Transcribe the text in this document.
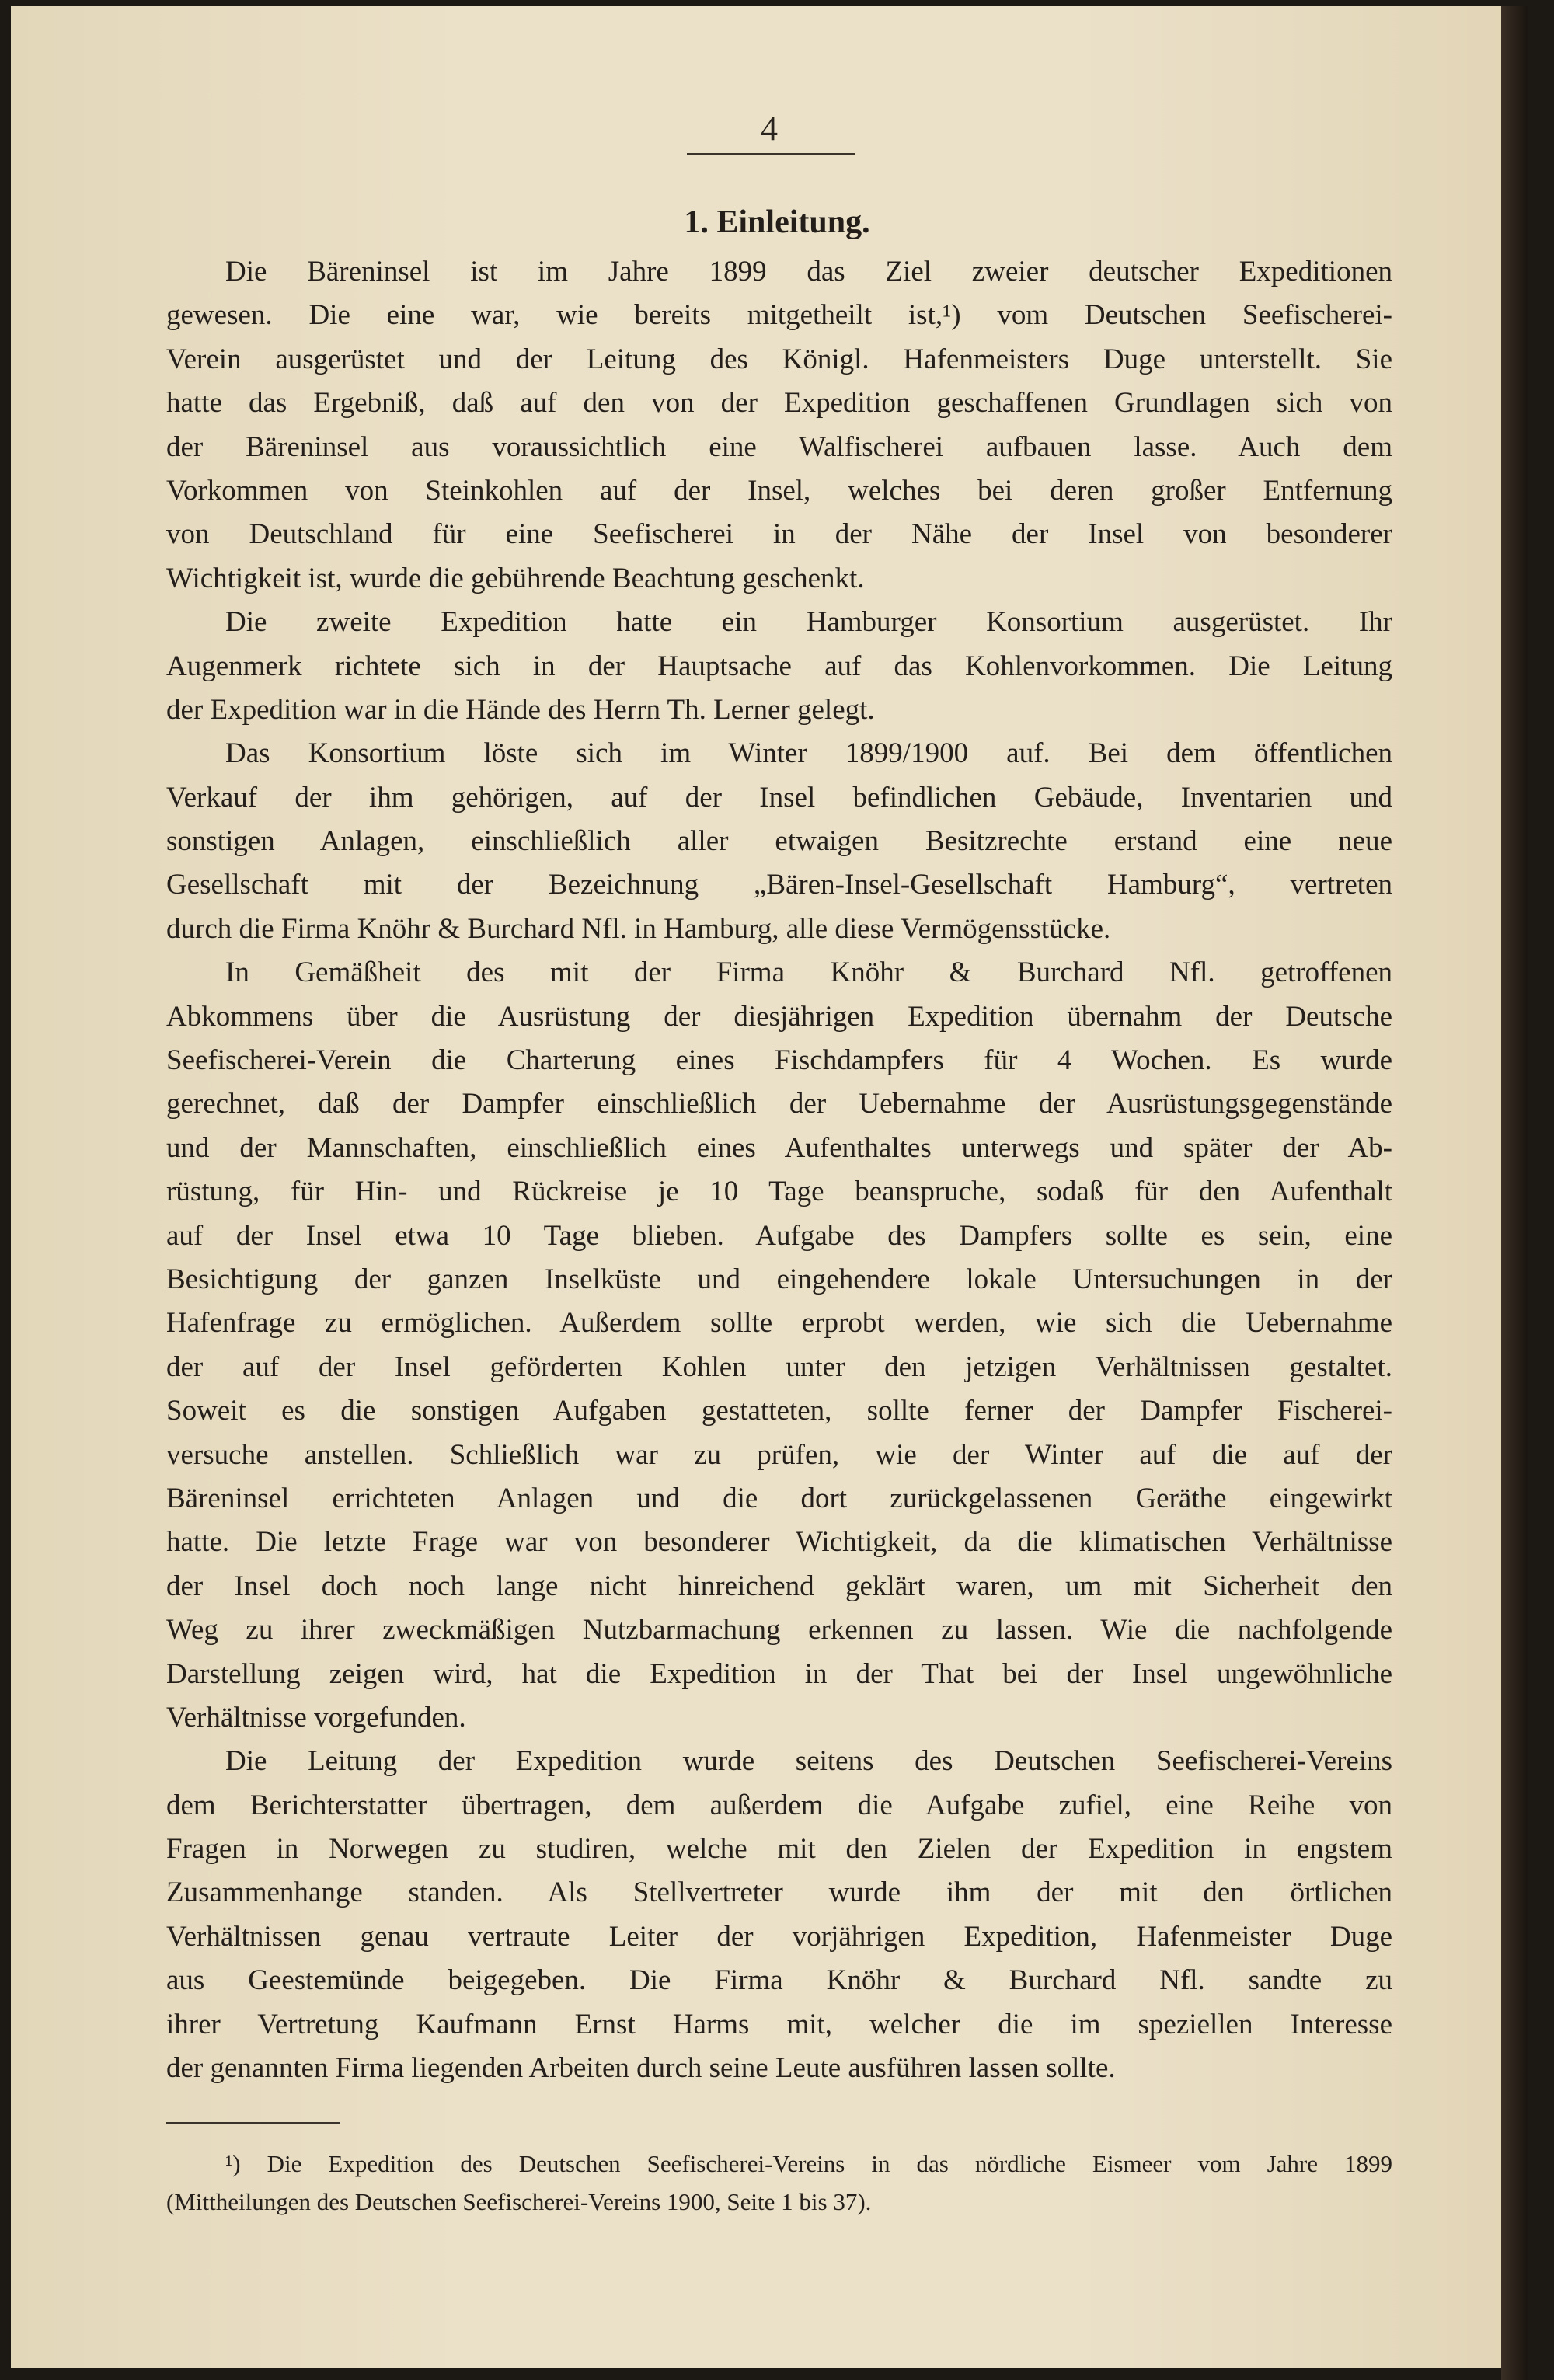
4
1. Einleitung.
Die Bäreninsel ist im Jahre 1899 das Ziel zweier deutscher Expeditionen
gewesen. Die eine war, wie bereits mitgetheilt ist,¹) vom Deutschen Seefischerei-
Verein ausgerüstet und der Leitung des Königl. Hafenmeisters Duge unterstellt. Sie
hatte das Ergebniß, daß auf den von der Expedition geschaffenen Grundlagen sich von
der Bäreninsel aus voraussichtlich eine Walfischerei aufbauen lasse. Auch dem
Vorkommen von Steinkohlen auf der Insel, welches bei deren großer Entfernung
von Deutschland für eine Seefischerei in der Nähe der Insel von besonderer
Wichtigkeit ist, wurde die gebührende Beachtung geschenkt.
Die zweite Expedition hatte ein Hamburger Konsortium ausgerüstet. Ihr
Augenmerk richtete sich in der Hauptsache auf das Kohlenvorkommen. Die Leitung
der Expedition war in die Hände des Herrn Th. Lerner gelegt.
Das Konsortium löste sich im Winter 1899/1900 auf. Bei dem öffentlichen
Verkauf der ihm gehörigen, auf der Insel befindlichen Gebäude, Inventarien und
sonstigen Anlagen, einschließlich aller etwaigen Besitzrechte erstand eine neue
Gesellschaft mit der Bezeichnung „Bären-Insel-Gesellschaft Hamburg“, vertreten
durch die Firma Knöhr & Burchard Nfl. in Hamburg, alle diese Vermögensstücke.
In Gemäßheit des mit der Firma Knöhr & Burchard Nfl. getroffenen
Abkommens über die Ausrüstung der diesjährigen Expedition übernahm der Deutsche
Seefischerei-Verein die Charterung eines Fischdampfers für 4 Wochen. Es wurde
gerechnet, daß der Dampfer einschließlich der Uebernahme der Ausrüstungsgegenstände
und der Mannschaften, einschließlich eines Aufenthaltes unterwegs und später der Ab-
rüstung, für Hin- und Rückreise je 10 Tage beanspruche, sodaß für den Aufenthalt
auf der Insel etwa 10 Tage blieben. Aufgabe des Dampfers sollte es sein, eine
Besichtigung der ganzen Inselküste und eingehendere lokale Untersuchungen in der
Hafenfrage zu ermöglichen. Außerdem sollte erprobt werden, wie sich die Uebernahme
der auf der Insel geförderten Kohlen unter den jetzigen Verhältnissen gestaltet.
Soweit es die sonstigen Aufgaben gestatteten, sollte ferner der Dampfer Fischerei-
versuche anstellen. Schließlich war zu prüfen, wie der Winter auf die auf der
Bäreninsel errichteten Anlagen und die dort zurückgelassenen Geräthe eingewirkt
hatte. Die letzte Frage war von besonderer Wichtigkeit, da die klimatischen Verhältnisse
der Insel doch noch lange nicht hinreichend geklärt waren, um mit Sicherheit den
Weg zu ihrer zweckmäßigen Nutzbarmachung erkennen zu lassen. Wie die nachfolgende
Darstellung zeigen wird, hat die Expedition in der That bei der Insel ungewöhnliche
Verhältnisse vorgefunden.
Die Leitung der Expedition wurde seitens des Deutschen Seefischerei-Vereins
dem Berichterstatter übertragen, dem außerdem die Aufgabe zufiel, eine Reihe von
Fragen in Norwegen zu studiren, welche mit den Zielen der Expedition in engstem
Zusammenhange standen. Als Stellvertreter wurde ihm der mit den örtlichen
Verhältnissen genau vertraute Leiter der vorjährigen Expedition, Hafenmeister Duge
aus Geestemünde beigegeben. Die Firma Knöhr & Burchard Nfl. sandte zu
ihrer Vertretung Kaufmann Ernst Harms mit, welcher die im speziellen Interesse
der genannten Firma liegenden Arbeiten durch seine Leute ausführen lassen sollte.
¹) Die Expedition des Deutschen Seefischerei-Vereins in das nördliche Eismeer vom Jahre 1899
(Mittheilungen des Deutschen Seefischerei-Vereins 1900, Seite 1 bis 37).
